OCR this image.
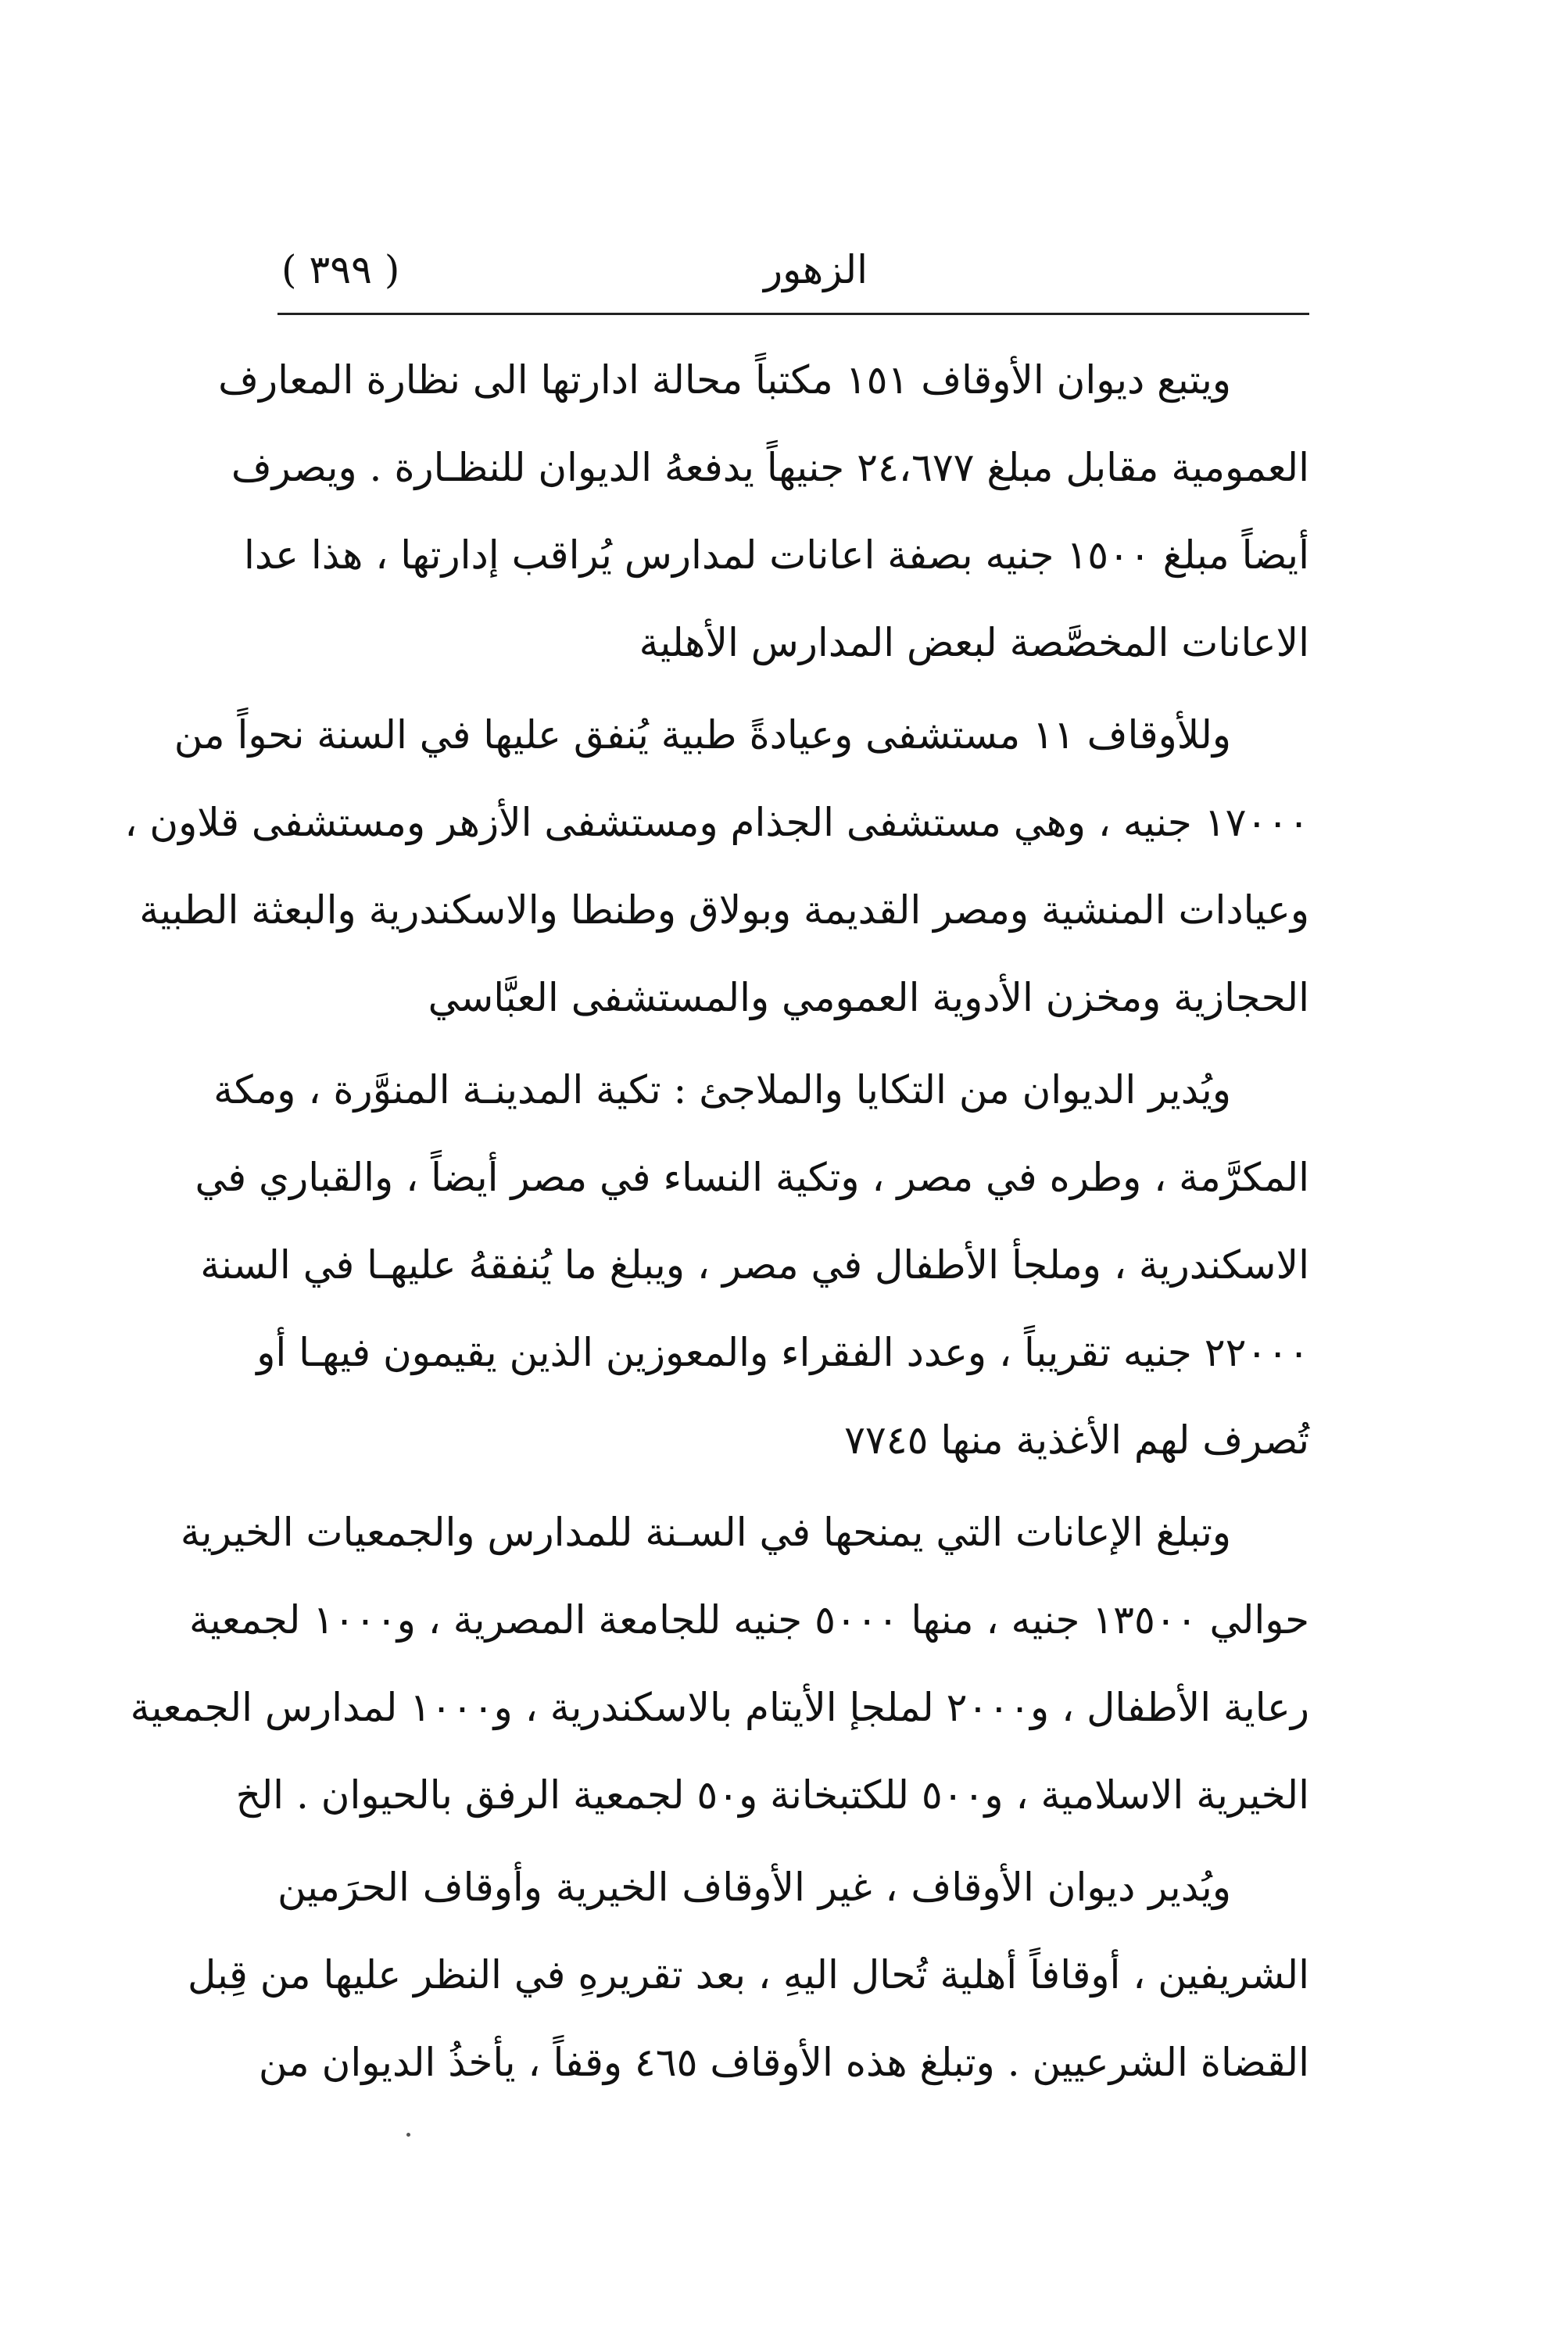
الزهور
( ٣٩٩ )
ويتبع ديوان الأوقاف ١٥١ مكتباً محالة ادارتها الى نظارة المعارف
العمومية مقابل مبلغ ٢٤،٦٧٧ جنيهاً يدفعهُ الديوان للنظـارة . ويصرف
أيضاً مبلغ ١٥٠٠ جنيه بصفة اعانات لمدارس يُراقب إدارتها ، هذا عدا
الاعانات المخصَّصة لبعض المدارس الأهلية
وللأوقاف ١١ مستشفى وعيادةً طبية يُنفق عليها في السنة نحواً من
١٧٠٠٠ جنيه ، وهي مستشفى الجذام ومستشفى الأزهر ومستشفى قلاون ،
وعيادات المنشية ومصر القديمة وبولاق وطنطا والاسكندرية والبعثة الطبية
الحجازية ومخزن الأدوية العمومي والمستشفى العبَّاسي
ويُدير الديوان من التكايا والملاجئ : تكية المدينـة المنوَّرة ، ومكة
المكرَّمة ، وطره في مصر ، وتكية النساء في مصر أيضاً ، والقباري في
الاسكندرية ، وملجأ الأطفال في مصر ، ويبلغ ما يُنفقهُ عليهـا في السنة
٢٢٠٠٠ جنيه تقريباً ، وعدد الفقراء والمعوزين الذين يقيمون فيهـا أو
تُصرف لهم الأغذية منها ٧٧٤٥
وتبلغ الإعانات التي يمنحها في السـنة للمدارس والجمعيات الخيرية
حوالي ١٣٥٠٠ جنيه ، منها ٥٠٠٠ جنيه للجامعة المصرية ، و١٠٠٠ لجمعية
رعاية الأطفال ، و٢٠٠٠ لملجإ الأيتام بالاسكندرية ، و١٠٠٠ لمدارس الجمعية
الخيرية الاسلامية ، و٥٠٠ للكتبخانة و٥٠ لجمعية الرفق بالحيوان . الخ
ويُدير ديوان الأوقاف ، غير الأوقاف الخيرية وأوقاف الحرَمين
الشريفين ، أوقافاً أهلية تُحال اليهِ ، بعد تقريرهِ في النظر عليها من قِبل
القضاة الشرعيين . وتبلغ هذه الأوقاف ٤٦٥ وقفاً ، يأخذُ الديوان من
